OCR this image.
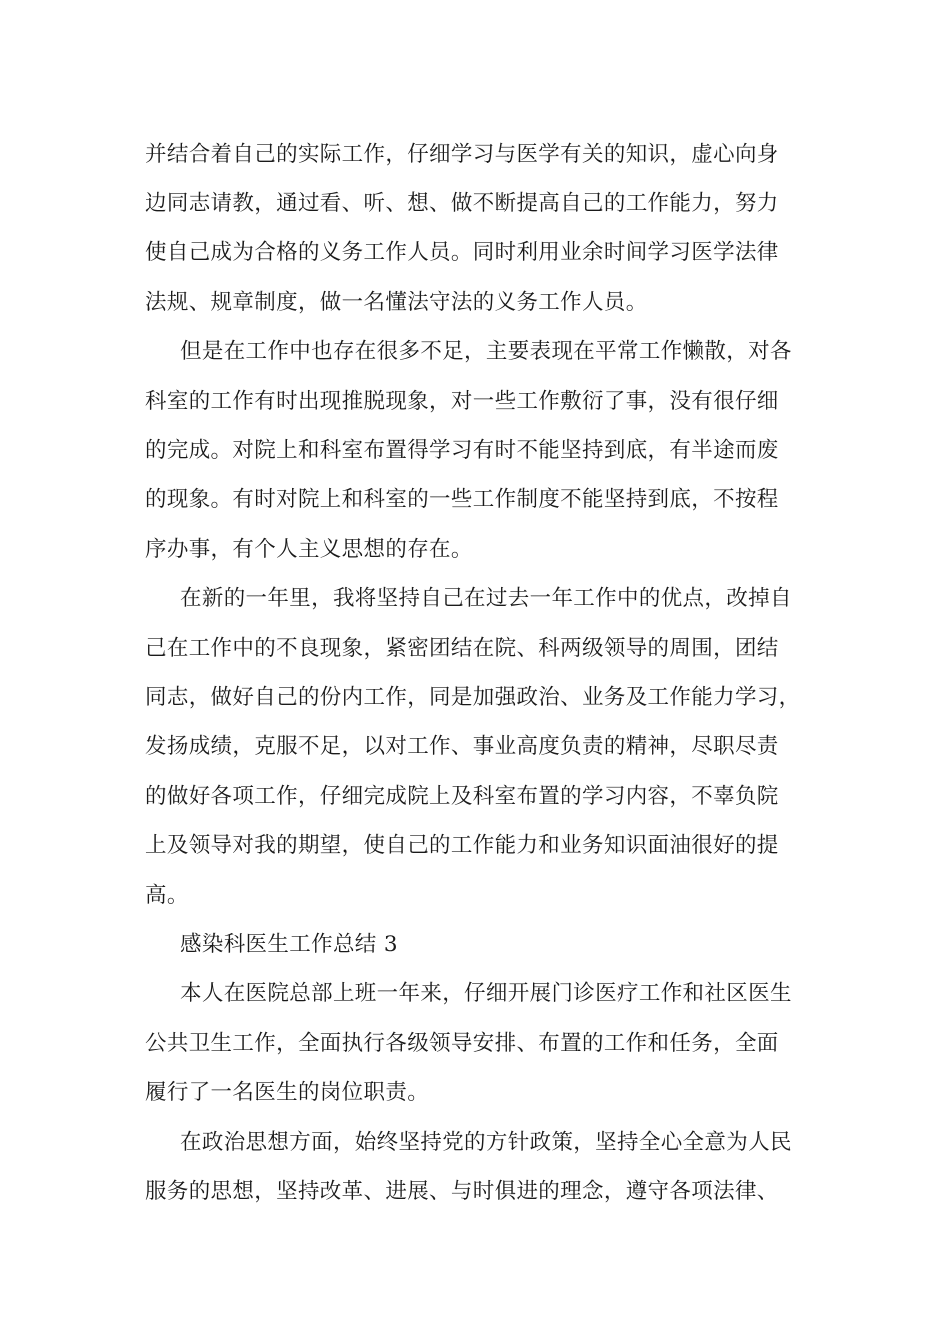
并结合着自己的实际工作，仔细学习与医学有关的知识，虚心向身
边同志请教，通过看、听、想、做不断提高自己的工作能力，努力
使自己成为合格的义务工作人员。同时利用业余时间学习医学法律
法规、规章制度，做一名懂法守法的义务工作人员。
但是在工作中也存在很多不足，主要表现在平常工作懒散，对各
科室的工作有时出现推脱现象，对一些工作敷衍了事，没有很仔细
的完成。对院上和科室布置得学习有时不能坚持到底，有半途而废
的现象。有时对院上和科室的一些工作制度不能坚持到底，不按程
序办事，有个人主义思想的存在。
在新的一年里，我将坚持自己在过去一年工作中的优点，改掉自
己在工作中的不良现象，紧密团结在院、科两级领导的周围，团结
同志，做好自己的份内工作，同是加强政治、业务及工作能力学习，
发扬成绩，克服不足，以对工作、事业高度负责的精神，尽职尽责
的做好各项工作，仔细完成院上及科室布置的学习内容，不辜负院
上及领导对我的期望，使自己的工作能力和业务知识面油很好的提
高。
感染科医生工作总结 3
本人在医院总部上班一年来，仔细开展门诊医疗工作和社区医生
公共卫生工作，全面执行各级领导安排、布置的工作和任务，全面
履行了一名医生的岗位职责。
在政治思想方面，始终坚持党的方针政策，坚持全心全意为人民
服务的思想，坚持改革、进展、与时俱进的理念，遵守各项法律、
